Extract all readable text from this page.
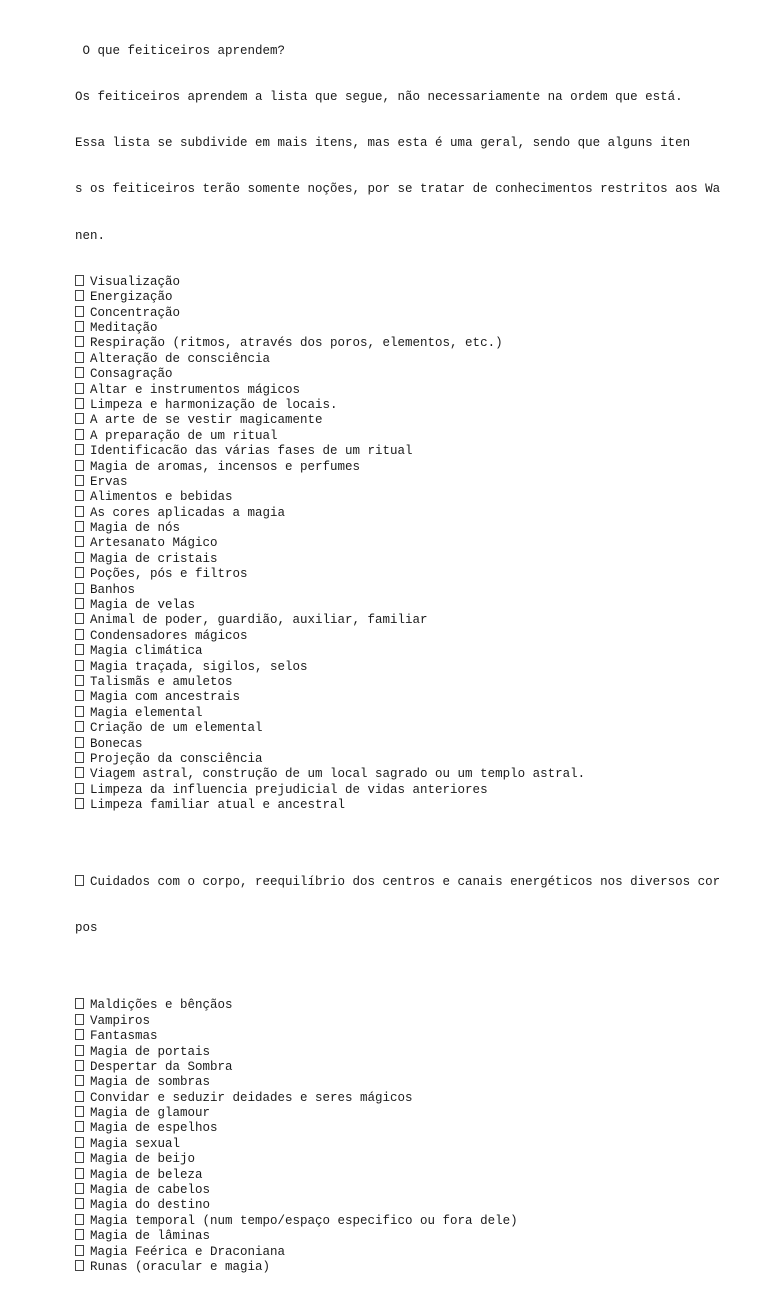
O que feiticeiros aprendem?

Os feiticeiros aprendem a lista que segue, não necessariamente na ordem que está.

Essa lista se subdivide em mais itens, mas esta é uma geral, sendo que alguns iten

s os feiticeiros terão somente noções, por se tratar de conhecimentos restritos aos Wa

nen.

Visualização
Energização
Concentração
Meditação
Respiração (ritmos, através dos poros, elementos, etc.)
Alteração de consciência
Consagração
Altar e instrumentos mágicos
Limpeza e harmonização de locais.
A arte de se vestir magicamente
A preparação de um ritual
Identificacão das várias fases de um ritual
Magia de aromas, incensos e perfumes
Ervas
Alimentos e bebidas
As cores aplicadas a magia
Magia de nós
Artesanato Mágico
Magia de cristais
Poções, pós e filtros
Banhos
Magia de velas
Animal de poder, guardião, auxiliar, familiar
Condensadores mágicos
Magia climática
Magia traçada, sigilos, selos
Talismãs e amuletos
Magia com ancestrais
Magia elemental
Criação de um elemental
Bonecas
Projeção da consciência
Viagem astral, construção de um local sagrado ou um templo astral.
Limpeza da influencia prejudicial de vidas anteriores
Limpeza familiar atual e ancestral

Cuidados com o corpo, reequilíbrio dos centros e canais energéticos nos diversos cor

pos

Maldições e bênçãos
Vampiros
Fantasmas
Magia de portais
Despertar da Sombra
Magia de sombras
Convidar e seduzir deidades e seres mágicos
Magia de glamour
Magia de espelhos
Magia sexual
Magia de beijo
Magia de beleza
Magia de cabelos
Magia do destino
Magia temporal (num tempo/espaço especifico ou fora dele)
Magia de lâminas
Magia Feérica e Draconiana
Runas (oracular e magia)
